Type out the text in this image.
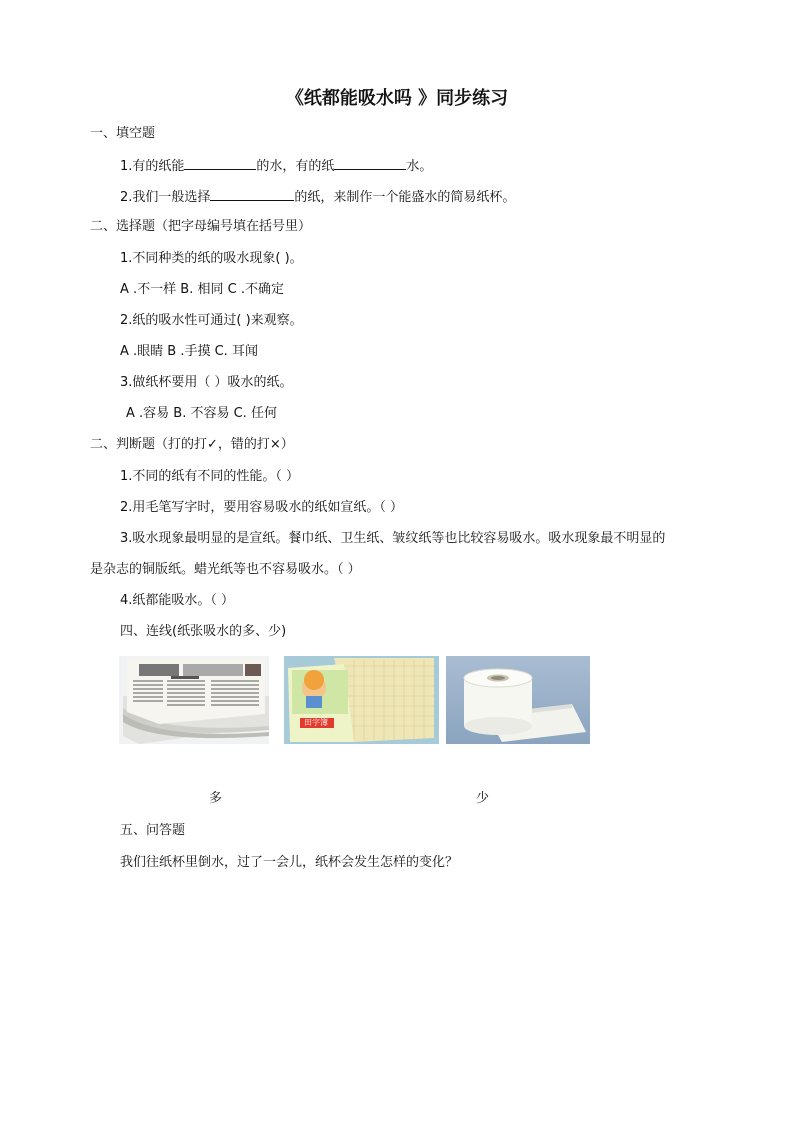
《纸都能吸水吗 》同步练习
一、填空题
1.有的纸能	的水，有的纸	水。
2.我们一般选择	的纸，来制作一个能盛水的简易纸杯。
二、选择题（把字母编号填在括号里）
1.不同种类的纸的吸水现象( )。
A .不一样 B. 相同 C .不确定
2.纸的吸水性可通过( )来观察。
A .眼睛 B .手摸 C. 耳闻
3.做纸杯要用（ ）吸水的纸。
A .容易 B. 不容易 C. 任何
二、判断题（打的打✓，错的打×）
1.不同的纸有不同的性能。（ ）
2.用毛笔写字时，要用容易吸水的纸如宣纸。（ ）
3.吸水现象最明显的是宣纸。餐巾纸、卫生纸、皱纹纸等也比较容易吸水。吸水现象最不明显的
是杂志的铜版纸。蜡光纸等也不容易吸水。（ ）
4.纸都能吸水。（ ）
四、连线(纸张吸水的多、少)
田字簿
多	少
五、问答题
我们往纸杯里倒水，过了一会儿，纸杯会发生怎样的变化？
